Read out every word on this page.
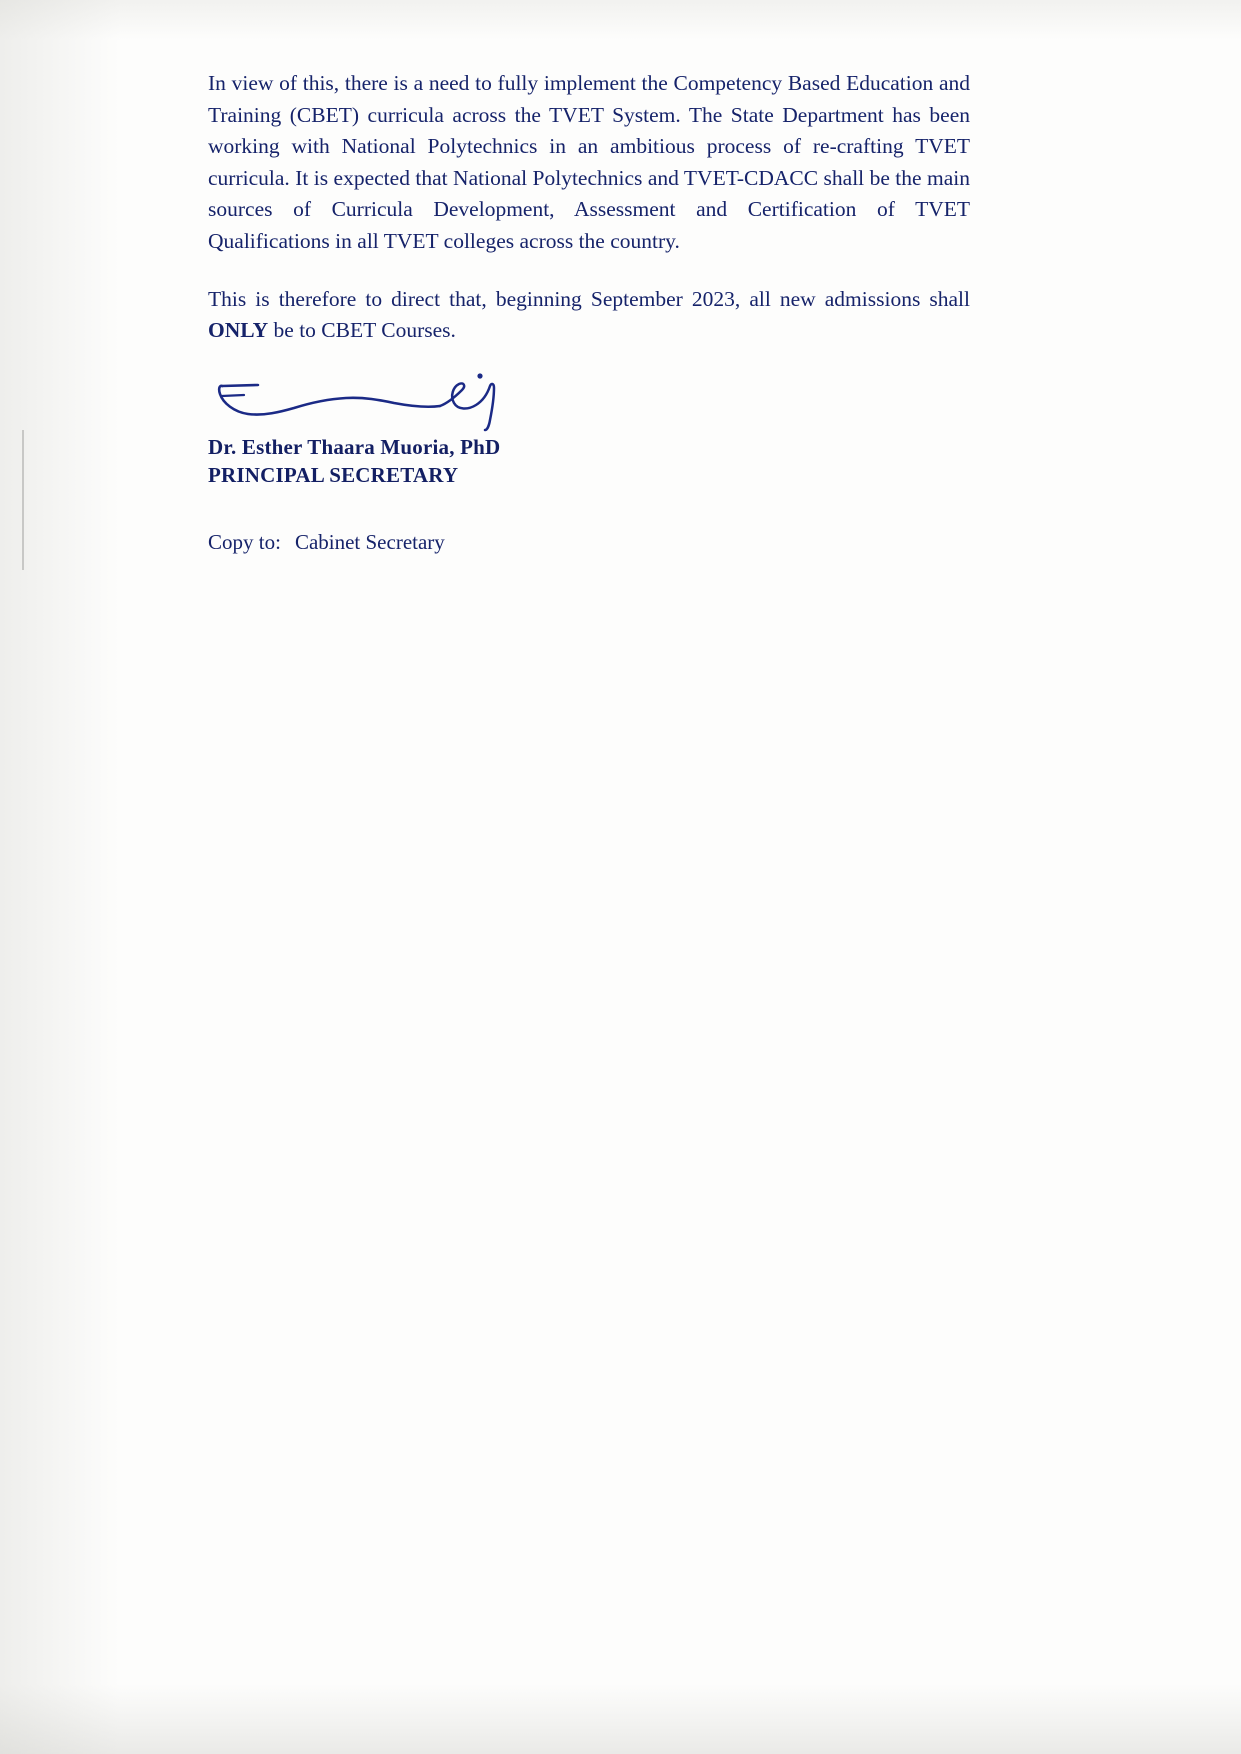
In view of this, there is a need to fully implement the Competency Based Education and Training (CBET) curricula across the TVET System. The State Department has been working with National Polytechnics in an ambitious process of re-crafting TVET curricula. It is expected that National Polytechnics and TVET-CDACC shall be the main sources of Curricula Development, Assessment and Certification of TVET Qualifications in all TVET colleges across the country.

This is therefore to direct that, beginning September 2023, all new admissions shall ONLY be to CBET Courses.

Dr. Esther Thaara Muoria, PhD
PRINCIPAL SECRETARY
Copy to: Cabinet Secretary
